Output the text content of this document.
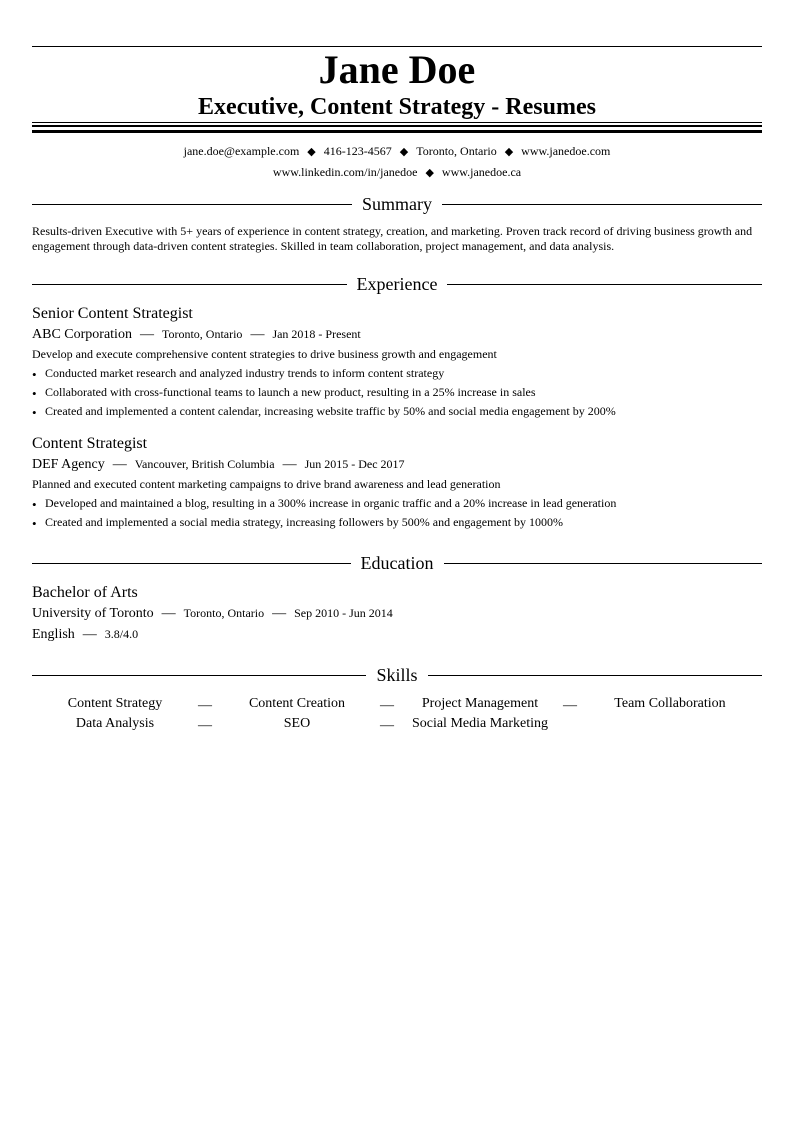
Jane Doe
Executive, Content Strategy - Resumes
jane.doe@example.com ◆ 416-123-4567 ◆ Toronto, Ontario ◆ www.janedoe.com
www.linkedin.com/in/janedoe ◆ www.janedoe.ca
Summary
Results-driven Executive with 5+ years of experience in content strategy, creation, and marketing. Proven track record of driving business growth and engagement through data-driven content strategies. Skilled in team collaboration, project management, and data analysis.
Experience
Senior Content Strategist
ABC Corporation — Toronto, Ontario — Jan 2018 - Present
Develop and execute comprehensive content strategies to drive business growth and engagement
• Conducted market research and analyzed industry trends to inform content strategy
• Collaborated with cross-functional teams to launch a new product, resulting in a 25% increase in sales
• Created and implemented a content calendar, increasing website traffic by 50% and social media engagement by 200%
Content Strategist
DEF Agency — Vancouver, British Columbia — Jun 2015 - Dec 2017
Planned and executed content marketing campaigns to drive brand awareness and lead generation
• Developed and maintained a blog, resulting in a 300% increase in organic traffic and a 20% increase in lead generation
• Created and implemented a social media strategy, increasing followers by 500% and engagement by 1000%
Education
Bachelor of Arts
University of Toronto — Toronto, Ontario — Sep 2010 - Jun 2014
English — 3.8/4.0
Skills
Content Strategy	—	Content Creation	—	Project Management	—	Team Collaboration
Data Analysis	—	SEO	—	Social Media Marketing
